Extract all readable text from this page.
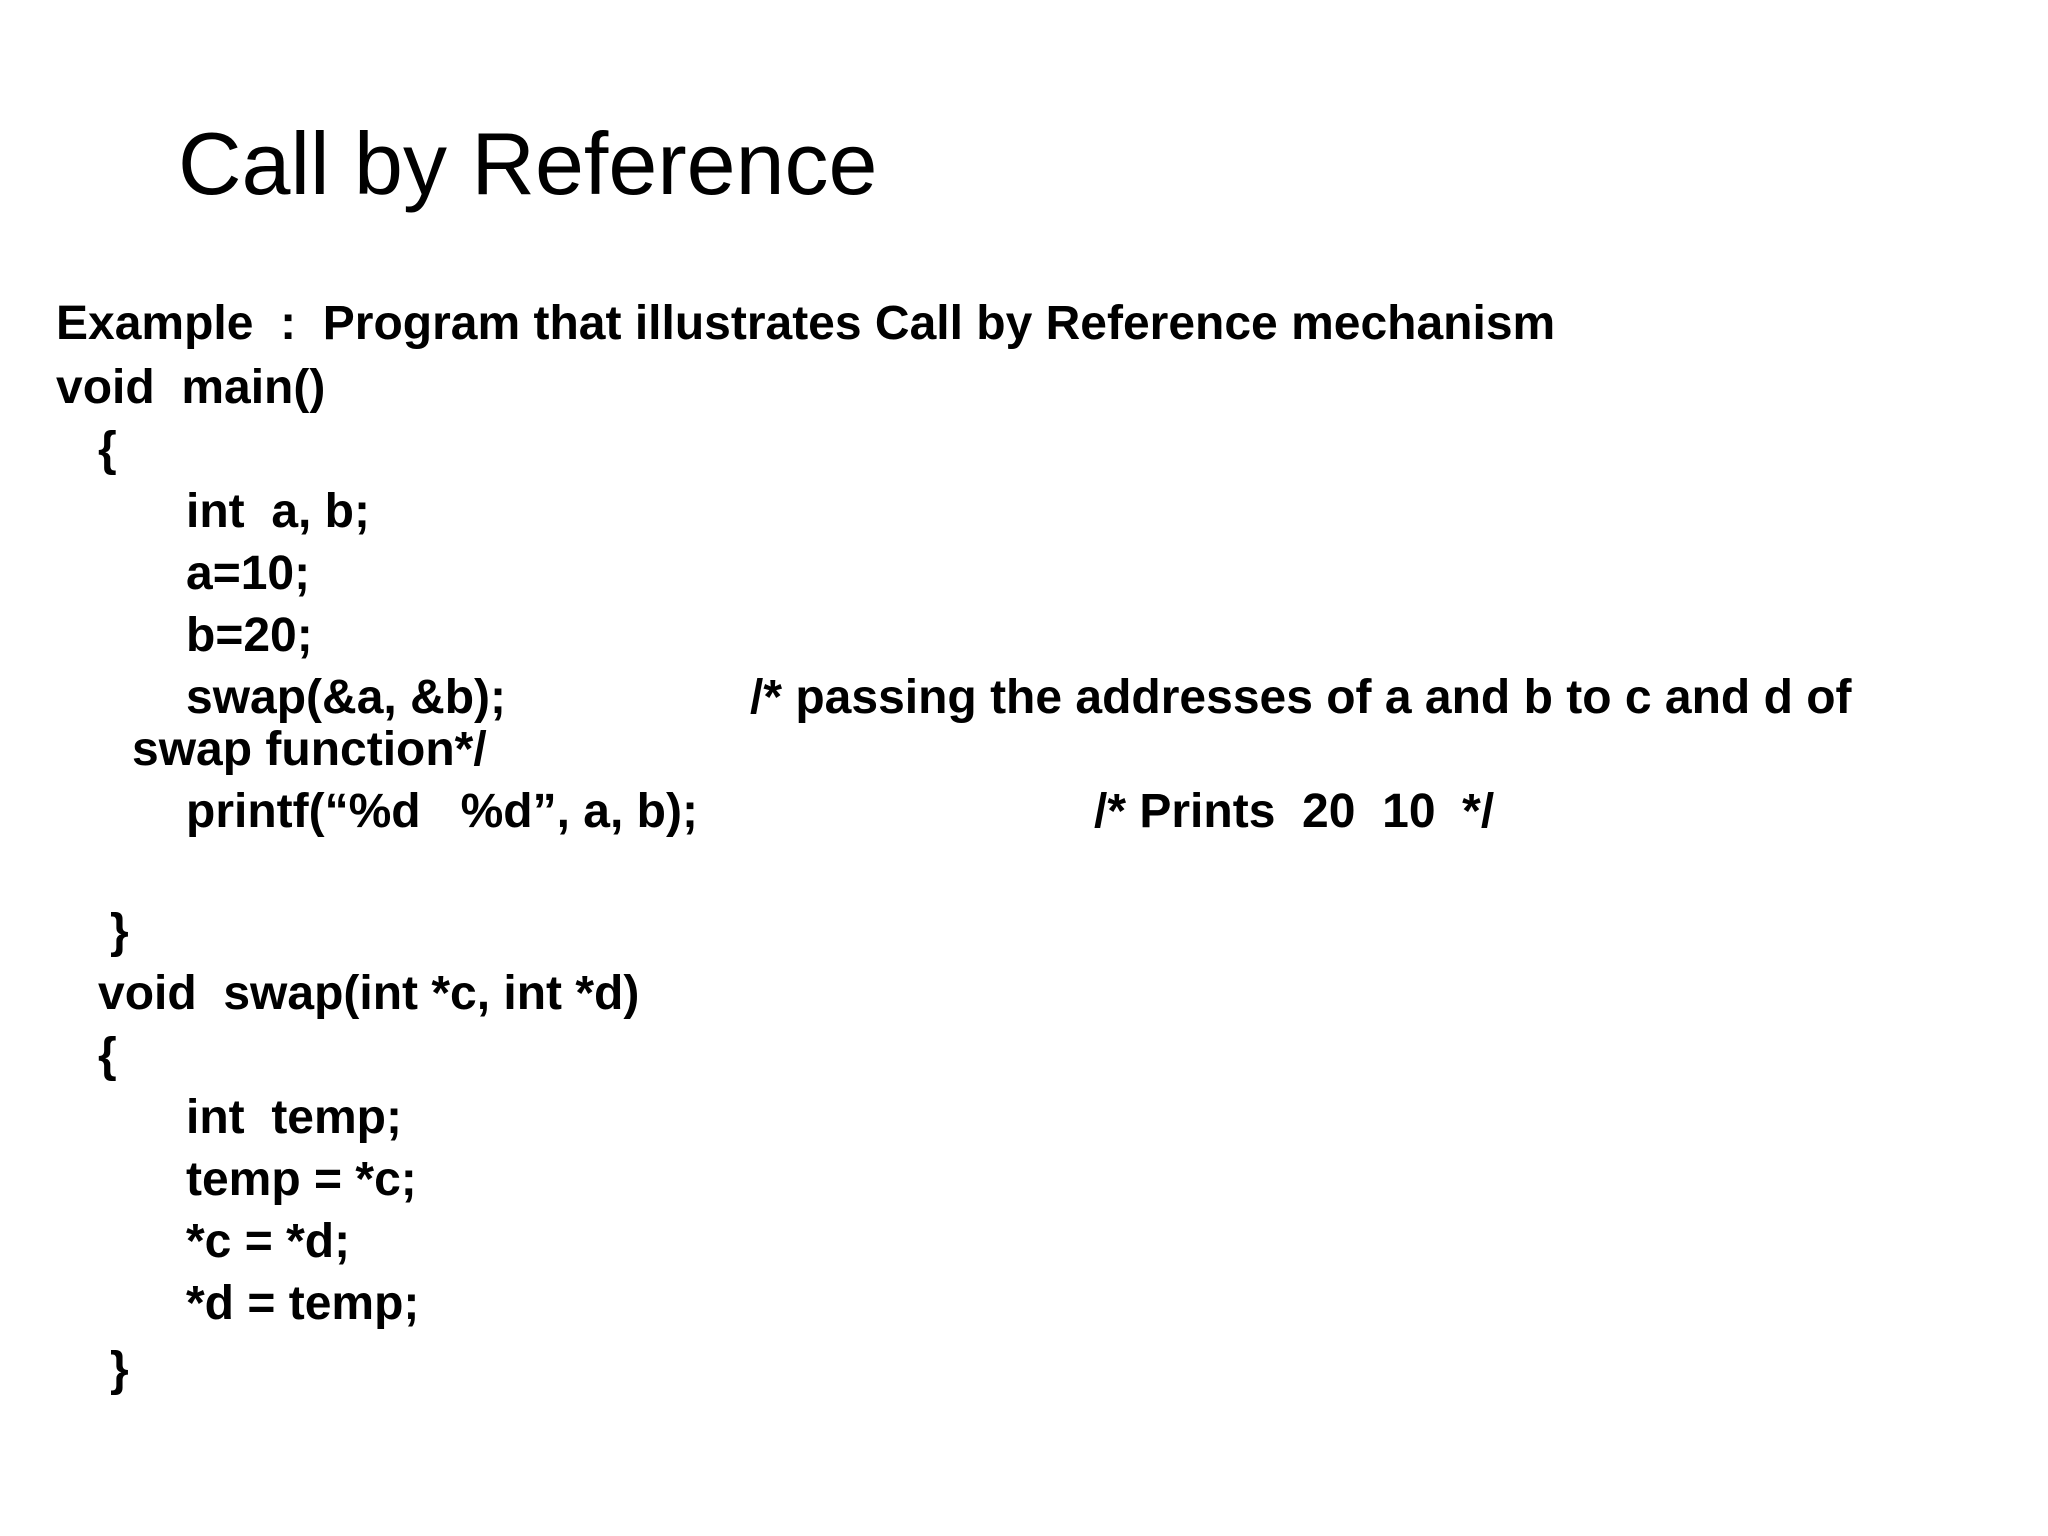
Call by Reference
Example  :  Program that illustrates Call by Reference mechanism
void  main()
{
int  a, b;
a=10;
b=20;
swap(&a, &b);	/* passing the addresses of a and b to c and d of
swap function*/
printf(“%d   %d”, a, b);	/* Prints  20  10  */
}
void  swap(int *c, int *d)
{
int  temp;
temp = *c;
*c = *d;
*d = temp;
}
